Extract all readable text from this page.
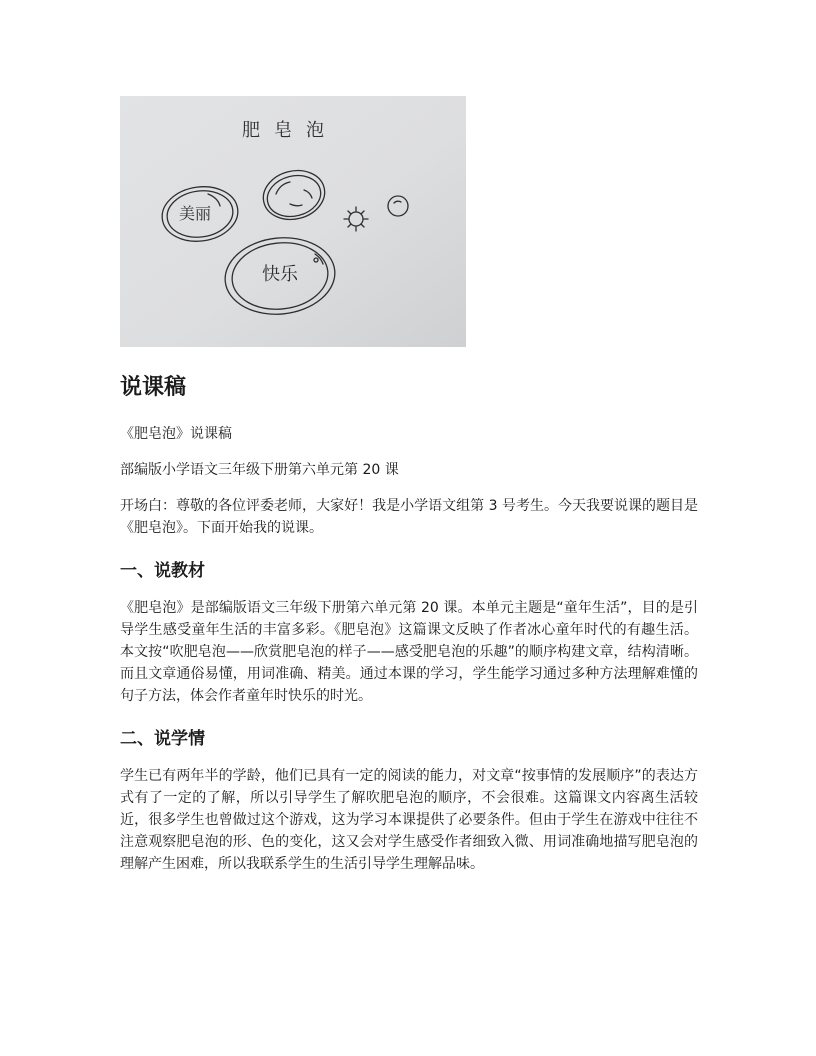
肥皂泡
美丽
快乐
说课稿

《肥皂泡》说课稿

部编版小学语文三年级下册第六单元第 20 课

开场白：尊敬的各位评委老师，大家好！我是小学语文组第 3 号考生。今天我要说课的题目是《肥皂泡》。下面开始我的说课。

一、说教材

《肥皂泡》是部编版语文三年级下册第六单元第 20 课。本单元主题是“童年生活”，目的是引导学生感受童年生活的丰富多彩。《肥皂泡》这篇课文反映了作者冰心童年时代的有趣生活。本文按“吹肥皂泡——欣赏肥皂泡的样子——感受肥皂泡的乐趣”的顺序构建文章，结构清晰。而且文章通俗易懂，用词准确、精美。通过本课的学习，学生能学习通过多种方法理解难懂的句子方法，体会作者童年时快乐的时光。

二、说学情

学生已有两年半的学龄，他们已具有一定的阅读的能力，对文章“按事情的发展顺序”的表达方式有了一定的了解，所以引导学生了解吹肥皂泡的顺序，不会很难。这篇课文内容离生活较近，很多学生也曾做过这个游戏，这为学习本课提供了必要条件。但由于学生在游戏中往往不注意观察肥皂泡的形、色的变化，这又会对学生感受作者细致入微、用词准确地描写肥皂泡的理解产生困难，所以我联系学生的生活引导学生理解品味。
